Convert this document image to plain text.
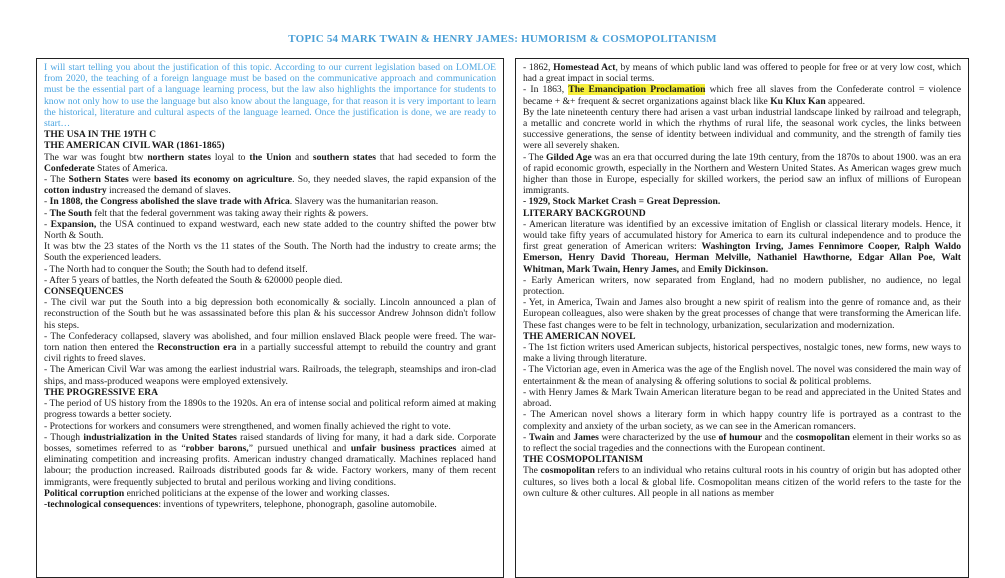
TOPIC 54 MARK TWAIN & HENRY JAMES: HUMORISM & COSMOPOLITANISM

I will start telling you about the justification of this topic. According to our current legislation based on LOMLOE from 2020, the teaching of a foreign language must be based on the communicative approach and communication must be the essential part of a language learning process, but the law also highlights the importance for students to know not only how to use the language but also know about the language, for that reason it is very important to learn the historical, literature and cultural aspects of the language learned. Once the justification is done, we are ready to start…

THE USA IN THE 19TH C

THE AMERICAN CIVIL WAR (1861-1865)

The war was fought btw northern states loyal to the Union and southern states that had seceded to form the Confederate States of America.

- The Sothern States were based its economy on agriculture. So, they needed slaves, the rapid expansion of the cotton industry increased the demand of slaves.

- In 1808, the Congress abolished the slave trade with Africa. Slavery was the humanitarian reason.

- The South felt that the federal government was taking away their rights & powers.

- Expansion, the USA continued to expand westward, each new state added to the country shifted the power btw North & South.

It was btw the 23 states of the North vs the 11 states of the South. The North had the industry to create arms; the South the experienced leaders.

- The North had to conquer the South; the South had to defend itself.

- After 5 years of battles, the North defeated the South & 620000 people died.

CONSEQUENCES

- The civil war put the South into a big depression both economically & socially. Lincoln announced a plan of reconstruction of the South but he was assassinated before this plan & his successor Andrew Johnson didn't follow his steps.

- The Confederacy collapsed, slavery was abolished, and four million enslaved Black people were freed. The war-torn nation then entered the Reconstruction era in a partially successful attempt to rebuild the country and grant civil rights to freed slaves.

- The American Civil War was among the earliest industrial wars. Railroads, the telegraph, steamships and iron-clad ships, and mass-produced weapons were employed extensively.

THE PROGRESSIVE ERA

- The period of US history from the 1890s to the 1920s. An era of intense social and political reform aimed at making progress towards a better society.

- Protections for workers and consumers were strengthened, and women finally achieved the right to vote.

- Though industrialization in the United States raised standards of living for many, it had a dark side. Corporate bosses, sometimes referred to as “robber barons,” pursued unethical and unfair business practices aimed at eliminating competition and increasing profits. American industry changed dramatically. Machines replaced hand labour; the production increased. Railroads distributed goods far & wide. Factory workers, many of them recent immigrants, were frequently subjected to brutal and perilous working and living conditions.

Political corruption enriched politicians at the expense of the lower and working classes.

-technological consequences: inventions of typewriters, telephone, phonograph, gasoline automobile.

- 1862, Homestead Act, by means of which public land was offered to people for free or at very low cost, which had a great impact in social terms.

- In 1863, The Emancipation Proclamation which free all slaves from the Confederate control = violence became + &+ frequent & secret organizations against black like Ku Klux Kan appeared.

By the late nineteenth century there had arisen a vast urban industrial landscape linked by railroad and telegraph, a metallic and concrete world in which the rhythms of rural life, the seasonal work cycles, the links between successive generations, the sense of identity between individual and community, and the strength of family ties were all severely shaken.

- The Gilded Age was an era that occurred during the late 19th century, from the 1870s to about 1900. was an era of rapid economic growth, especially in the Northern and Western United States. As American wages grew much higher than those in Europe, especially for skilled workers, the period saw an influx of millions of European immigrants.

- 1929, Stock Market Crash = Great Depression.

LITERARY BACKGROUND

- American literature was identified by an excessive imitation of English or classical literary models. Hence, it would take fifty years of accumulated history for America to earn its cultural independence and to produce the first great generation of American writers: Washington Irving, James Fennimore Cooper, Ralph Waldo Emerson, Henry David Thoreau, Herman Melville, Nathaniel Hawthorne, Edgar Allan Poe, Walt Whitman, Mark Twain, Henry James, and Emily Dickinson.

- Early American writers, now separated from England, had no modern publisher, no audience, no legal protection.

- Yet, in America, Twain and James also brought a new spirit of realism into the genre of romance and, as their European colleagues, also were shaken by the great processes of change that were transforming the American life. These fast changes were to be felt in technology, urbanization, secularization and modernization.

THE AMERICAN NOVEL

- The 1st fiction writers used American subjects, historical perspectives, nostalgic tones, new forms, new ways to make a living through literature.

- The Victorian age, even in America was the age of the English novel. The novel was considered the main way of entertainment & the mean of analysing & offering solutions to social & political problems.

- with Henry James & Mark Twain American literature began to be read and appreciated in the United States and abroad.

- The American novel shows a literary form in which happy country life is portrayed as a contrast to the complexity and anxiety of the urban society, as we can see in the American romancers.

- Twain and James were characterized by the use of humour and the cosmopolitan element in their works so as to reflect the social tragedies and the connections with the European continent.

THE COSMOPOLITANISM

The cosmopolitan refers to an individual who retains cultural roots in his country of origin but has adopted other cultures, so lives both a local & global life. Cosmopolitan means citizen of the world refers to the taste for the own culture & other cultures. All people in all nations as member
